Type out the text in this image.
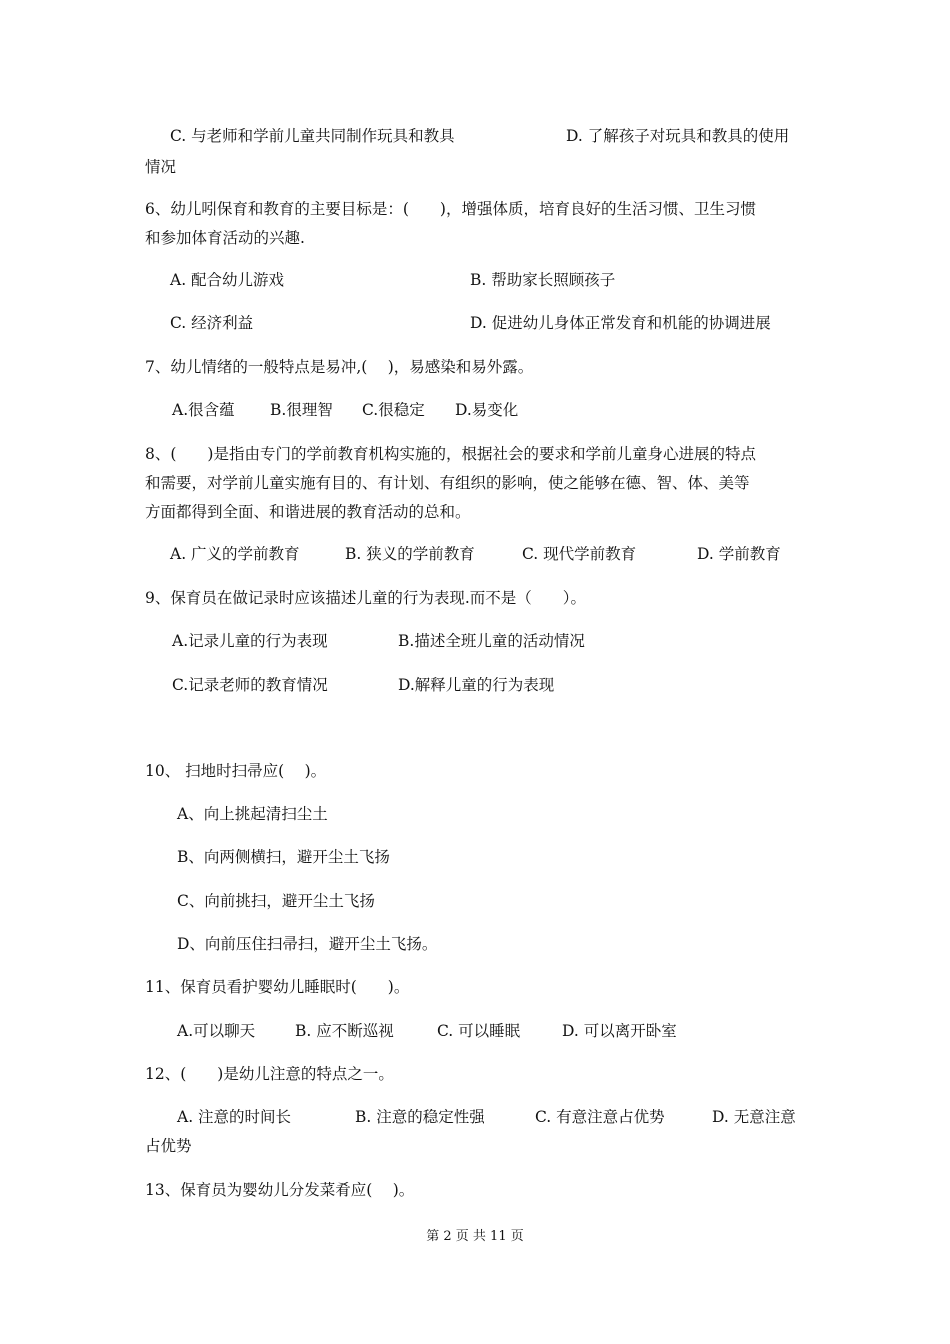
C. 与老师和学前儿童共同制作玩具和教具	D. 了解孩子对玩具和教具的使用
情况
6、幼儿吲保育和教育的主要目标是：(　　)，增强体质，培育良好的生活习惯、卫生习惯
和参加体育活动的兴趣.
A. 配合幼儿游戏	B. 帮助家长照顾孩子
C. 经济利益	D. 促进幼儿身体正常发育和机能的协调进展
7、幼儿情绪的一般特点是易冲,(　 )，易感染和易外露。
A.很含蕴 B.很理智 C.很稳定 D.易变化
8、(　　)是指由专门的学前教育机构实施的，根据社会的要求和学前儿童身心进展的特点
和需要，对学前儿童实施有目的、有计划、有组织的影响，使之能够在德、智、体、美等
方面都得到全面、和谐进展的教育活动的总和。
A. 广义的学前教育	B. 狭义的学前教育	C. 现代学前教育	D. 学前教育
9、保育员在做记录时应该描述儿童的行为表现.而不是（　　）。
A.记录儿童的行为表现	B.描述全班儿童的活动情况
C.记录老师的教育情况	D.解释儿童的行为表现
10、 扫地时扫帚应(　 )。
A、向上挑起清扫尘土
B、向两侧横扫，避开尘土飞扬
C、向前挑扫，避开尘土飞扬
D、向前压住扫帚扫，避开尘土飞扬。
11、保育员看护婴幼儿睡眠时(　　)。
A.可以聊天	B. 应不断巡视	C. 可以睡眠	D. 可以离开卧室
12、(　　)是幼儿注意的特点之一。
A. 注意的时间长	B. 注意的稳定性强	C. 有意注意占优势	D. 无意注意
占优势
13、保育员为婴幼儿分发菜肴应(　 )。
第 2 页 共 11 页
